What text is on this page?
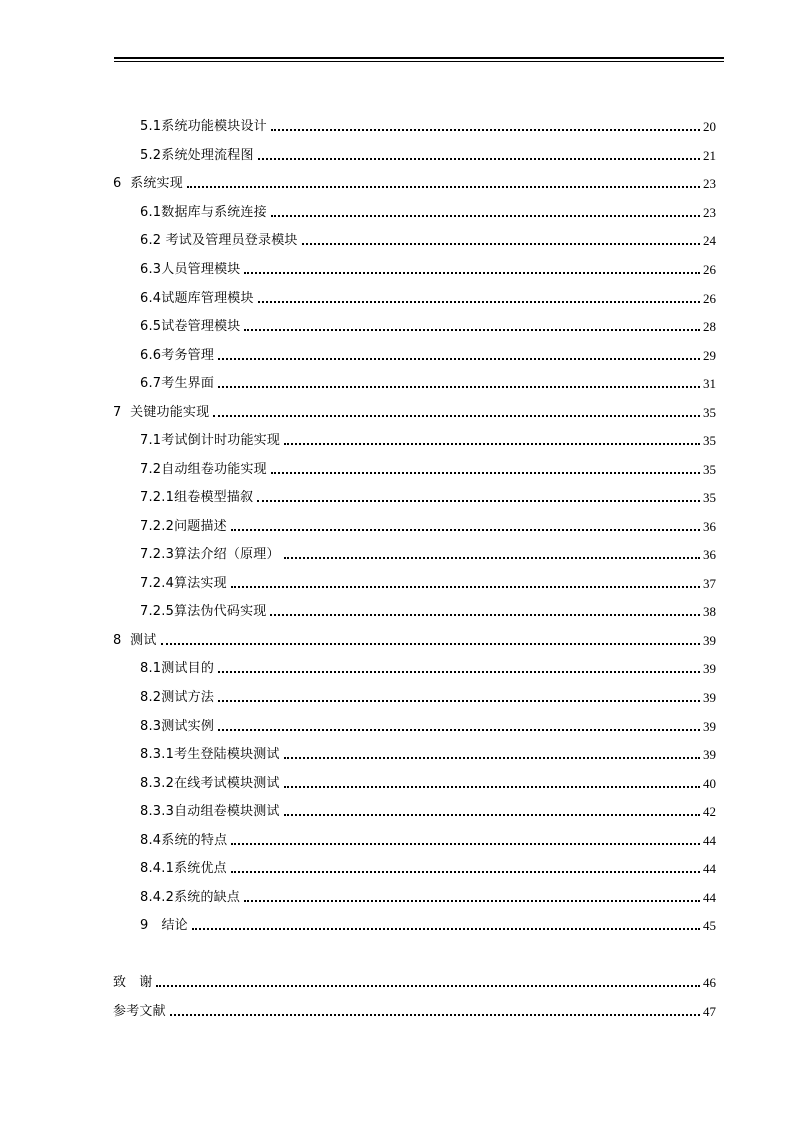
5.1系统功能模块设计	20
5.2系统处理流程图	21
6  系统实现	23
6.1数据库与系统连接	23
6.2 考试及管理员登录模块	24
6.3人员管理模块	26
6.4试题库管理模块	26
6.5试卷管理模块	28
6.6考务管理	29
6.7考生界面	31
7  关键功能实现	35
7.1考试倒计时功能实现	35
7.2自动组卷功能实现	35
7.2.1组卷模型描叙	35
7.2.2问题描述	36
7.2.3算法介绍（原理）	36
7.2.4算法实现	37
7.2.5算法伪代码实现	38
8  测试	39
8.1测试目的	39
8.2测试方法	39
8.3测试实例	39
8.3.1考生登陆模块测试	39
8.3.2在线考试模块测试	40
8.3.3自动组卷模块测试	42
8.4系统的特点	44
8.4.1系统优点	44
8.4.2系统的缺点	44
9   结论	45
致   谢	46
参考文献	47
